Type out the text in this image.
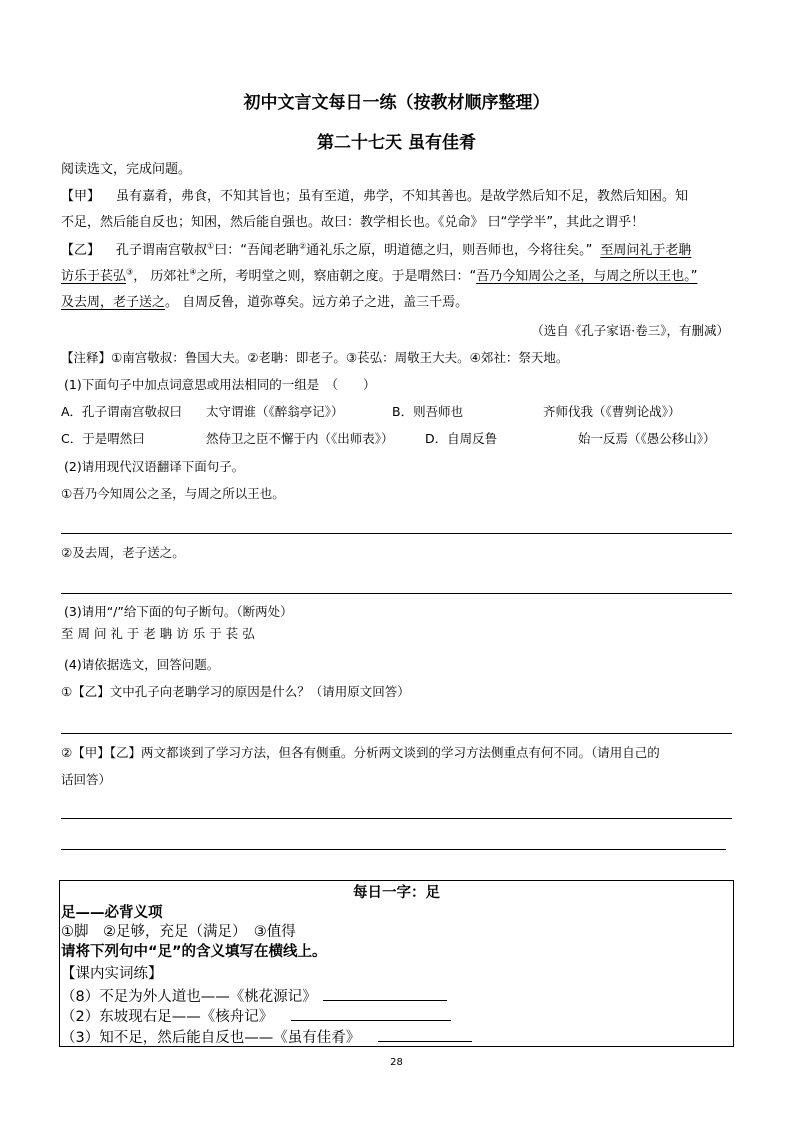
初中文言文每日一练（按教材顺序整理）
第二十七天 虽有佳肴
阅读选文，完成问题。
【甲】 虽有嘉肴，弗食，不知其旨也；虽有至道，弗学，不知其善也。是故学然后知不足，教然后知困。知
不足，然后能自反也；知困，然后能自强也。故曰：教学相长也。《兑命》 曰“学学半”，其此之谓乎！
【乙】 孔子谓南宫敬叔①曰：“吾闻老聃②通礼乐之原，明道德之归，则吾师也，今将往矣。” 至周问礼于老聃
访乐于苌弘③， 历郊社④之所，考明堂之则，察庙朝之度。于是喟然曰：“吾乃今知周公之圣，与周之所以王也。”
及去周，老子送之。 自周反鲁，道弥尊矣。远方弟子之进，盖三千焉。
（选自《孔子家语·卷三》，有删减）
【注释】①南宫敬叔：鲁国大夫。②老聃：即老子。③苌弘：周敬王大夫。④郊社：祭天地。
(1)下面句子中加点词意思或用法相同的一组是　（　　）
A．孔子谓南宫敬叔曰 太守谓谁（《醉翁亭记》）	B．则吾师也	齐师伐我（《曹刿论战》）
C．于是喟然曰	然侍卫之臣不懈于内（《出师表》）	D．自周反鲁	始一反焉（《愚公移山》）
(2)请用现代汉语翻译下面句子。
①吾乃今知周公之圣，与周之所以王也。
②及去周，老子送之。
(3)请用“/”给下面的句子断句。（断两处）
至 周 问 礼 于 老 聃 访 乐 于 苌 弘
(4)请依据选文，回答问题。
①【乙】文中孔子向老聃学习的原因是什么？（请用原文回答）
②【甲】【乙】两文都谈到了学习方法，但各有侧重。分析两文谈到的学习方法侧重点有何不同。（请用自己的
话回答）
每日一字：足
足——必背义项
①脚　②足够，充足（满足）　③值得
请将下列句中“足”的含义填写在横线上。
【课内实词练】
（8）不足为外人道也——《桃花源记》
（2）东坡现右足——《核舟记》
（3）知不足，然后能自反也——《虽有佳肴》
28
